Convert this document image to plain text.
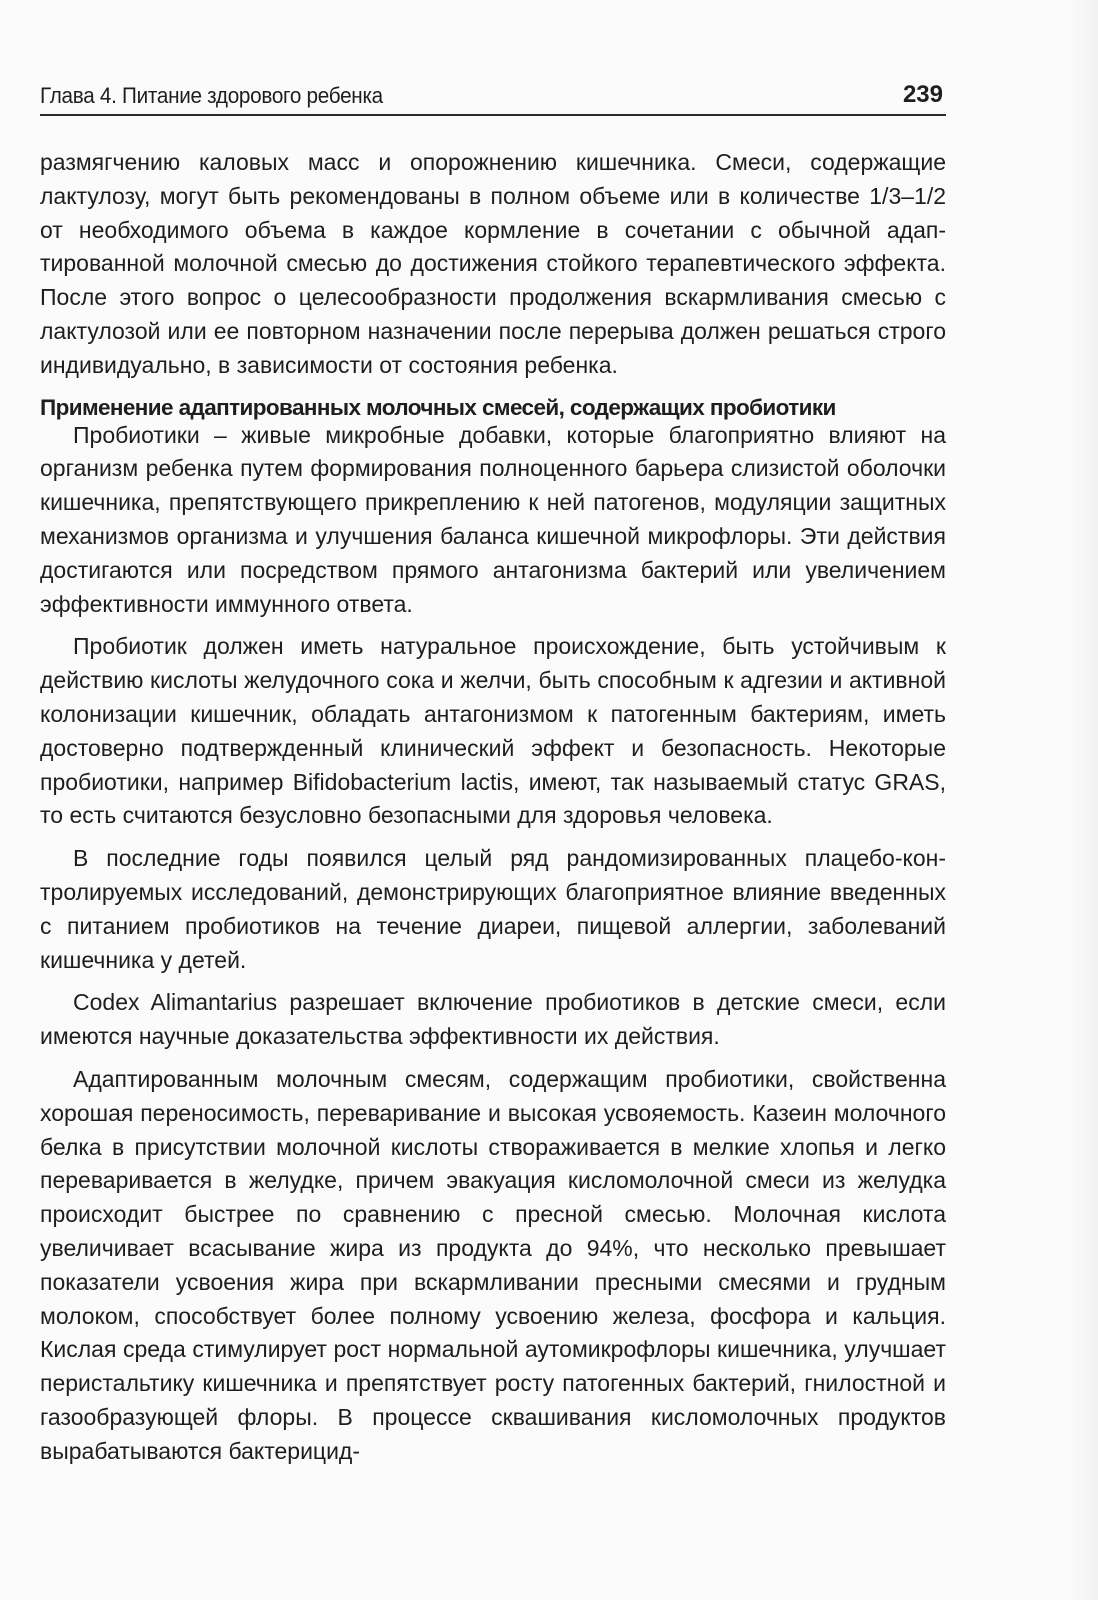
Глава 4. Питание здорового ребенка	239

размягчению каловых масс и опорожнению кишечника. Смеси, содержащие лактулозу, могут быть рекомендованы в полном объеме или в количестве 1/3–1/2 от необходимого объема в каждое кормление в сочетании с обычной адаптированной молочной смесью до достижения стойкого терапевтического эффекта. После этого вопрос о целесообразности продолжения вскармливания смесью с лактулозой или ее повторном назначении после перерыва должен решаться строго индивидуально, в зависимости от состояния ребенка.

Применение адаптированных молочных смесей, содержащих пробиотики

Пробиотики – живые микробные добавки, которые благоприятно влияют на организм ребенка путем формирования полноценного барьера слизистой оболочки кишечника, препятствующего прикреплению к ней патогенов, модуляции защитных механизмов организма и улучшения баланса кишечной микрофлоры. Эти действия достигаются или посредством прямого антагонизма бактерий или увеличением эффективности иммунного ответа.

Пробиотик должен иметь натуральное происхождение, быть устойчивым к действию кислоты желудочного сока и желчи, быть способным к адгезии и активной колонизации кишечник, обладать антагонизмом к патогенным бактериям, иметь достоверно подтвержденный клинический эффект и безопасность. Некоторые пробиотики, например Bifidobacterium lactis, имеют, так называемый статус GRAS, то есть считаются безусловно безопасными для здоровья человека.

В последние годы появился целый ряд рандомизированных плацебо-контролируемых исследований, демонстрирующих благоприятное влияние введенных с питанием пробиотиков на течение диареи, пищевой аллергии, заболеваний кишечника у детей.

Codex Alimantarius разрешает включение пробиотиков в детские смеси, если имеются научные доказательства эффективности их действия.

Адаптированным молочным смесям, содержащим пробиотики, свойственна хорошая переносимость, переваривание и высокая усвояемость. Казеин молочного белка в присутствии молочной кислоты створаживается в мелкие хлопья и легко переваривается в желудке, причем эвакуация кисломолочной смеси из желудка происходит быстрее по сравнению с пресной смесью. Молочная кислота увеличивает всасывание жира из продукта до 94%, что несколько превышает показатели усвоения жира при вскармливании пресными смесями и грудным молоком, способствует более полному усвоению железа, фосфора и кальция. Кислая среда стимулирует рост нормальной аутомикрофлоры кишечника, улучшает перистальтику кишечника и препятствует росту патогенных бактерий, гнилостной и газообразующей флоры. В процессе сквашивания кисломолочных продуктов вырабатываются бактерицид-
